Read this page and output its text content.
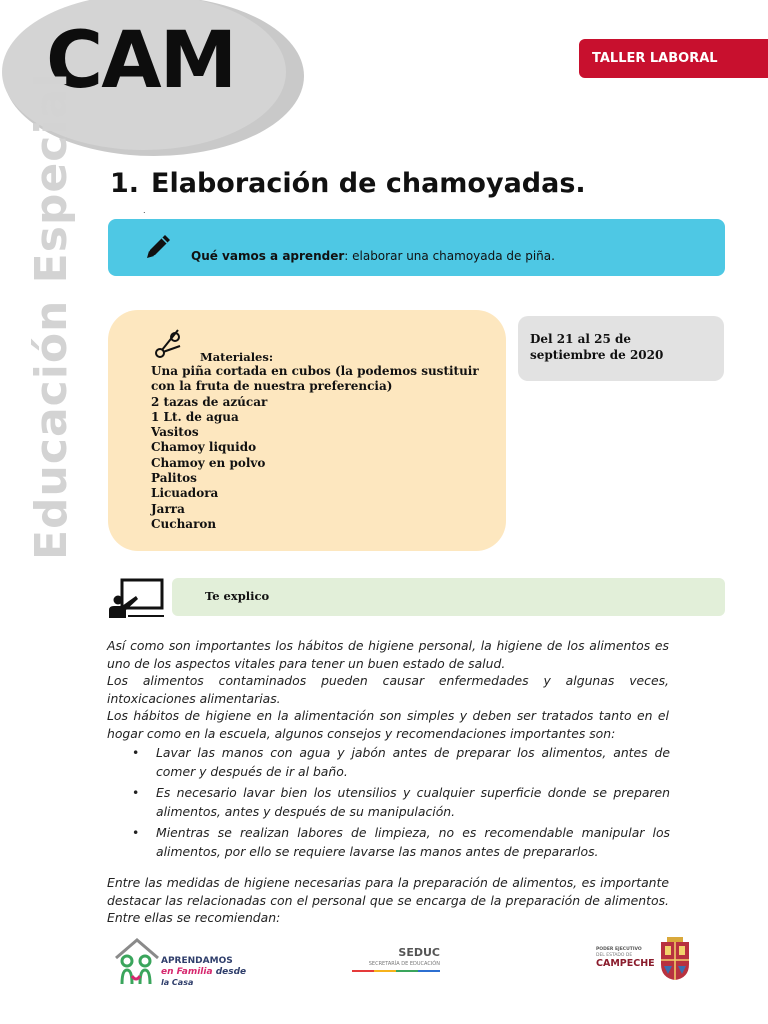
CAM
Educación Especial
TALLER LABORAL
1. Elaboración de chamoyadas.
.
Qué vamos a aprender: elaborar una chamoyada de piña.
Materiales:
Una piña cortada en cubos (la podemos sustituir con la fruta de nuestra preferencia)
2 tazas de azúcar
1 Lt. de agua
Vasitos
Chamoy liquido
Chamoy en polvo
Palitos
Licuadora
Jarra
Cucharon
Del 21 al 25 de
septiembre de 2020
Te explico

Así como son importantes los hábitos de higiene personal, la higiene de los alimentos es uno de los aspectos vitales para tener un buen estado de salud.

Los alimentos contaminados pueden causar enfermedades y algunas veces, intoxicaciones alimentarias.

Los hábitos de higiene en la alimentación son simples y deben ser tratados tanto en el hogar como en la escuela, algunos consejos y recomendaciones importantes son:

• Lavar las manos con agua y jabón antes de preparar los alimentos, antes de comer y después de ir al baño.
• Es necesario lavar bien los utensilios y cualquier superficie donde se preparen alimentos, antes y después de su manipulación.
• Mientras se realizan labores de limpieza, no es recomendable manipular los alimentos, por ello se requiere lavarse las manos antes de prepararlos.

Entre las medidas de higiene necesarias para la preparación de alimentos, es importante destacar las relacionadas con el personal que se encarga de la preparación de alimentos. Entre ellas se recomiendan:

APRENDAMOS
en Familia desde
la Casa
SEDUC
SECRETARÍA DE EDUCACIÓN
PODER EJECUTIVO
DEL ESTADO DE
CAMPECHE
